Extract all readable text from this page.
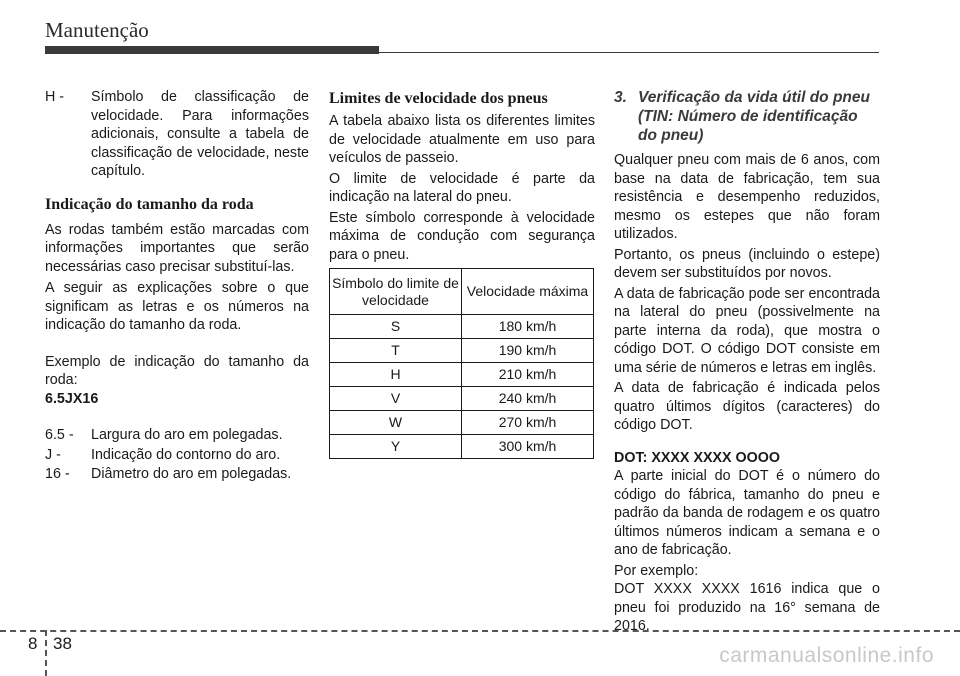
Manutenção
H -	Símbolo de classificação de velocidade. Para informações adicionais, consulte a tabela de classificação de velocidade, neste capítulo.
Indicação do tamanho da roda

As rodas também estão marcadas com informações importantes que serão necessárias caso precisar substituí-las.

A seguir as explicações sobre o que significam as letras e os números na indicação do tamanho da roda.

Exemplo de indicação do tamanho da roda:

6.5JX16

6.5 -	Largura do aro em polegadas.
J -	Indicação do contorno do aro.
16 -	Diâmetro do aro em polegadas.
Limites de velocidade dos pneus

A tabela abaixo lista os diferentes limites de velocidade atualmente em uso para veículos de passeio.

O limite de velocidade é parte da indicação na lateral do pneu.

Este símbolo corresponde à velocidade máxima de condução com segurança para o pneu.

Símbolo do limite de velocidade	Velocidade máxima
S	180 km/h
T	190 km/h
H	210 km/h
V	240 km/h
W	270 km/h
Y	300 km/h
3. Verificação da vida útil do pneu (TIN: Número de identificação do pneu)

Qualquer pneu com mais de 6 anos, com base na data de fabricação, tem sua resistência e desempenho reduzidos, mesmo os estepes que não foram utilizados.

Portanto, os pneus (incluindo o estepe) devem ser substituídos por novos.

A data de fabricação pode ser encontrada na lateral do pneu (possivelmente na parte interna da roda), que mostra o código DOT. O código DOT consiste em uma série de números e letras em inglês.

A data de fabricação é indicada pelos quatro últimos dígitos (caracteres) do código DOT.

DOT: XXXX XXXX OOOO

A parte inicial do DOT é o número do código do fábrica, tamanho do pneu e padrão da banda de rodagem e os quatro últimos números indicam a semana e o ano de fabricação.

Por exemplo:

DOT XXXX XXXX 1616 indica que o pneu foi produzido na 16° semana de 2016.

8 38
carmanualsonline.info
